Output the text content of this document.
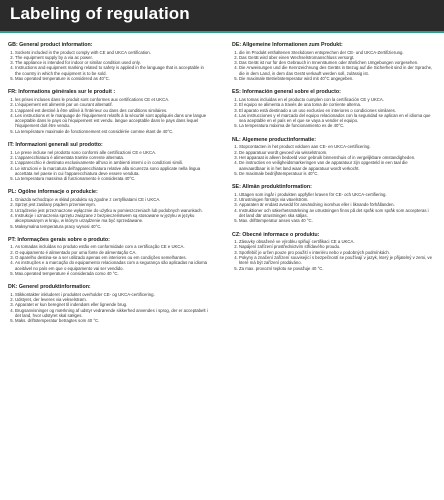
Labeling of regulation
GB: General product information:
1. Sockets included in the product comply with CE and UKCA certification.
2. The equipment supply by a via ac power.
3. The appliance is intended for indoor or similar condition used only.
4. Instructions and equipment marking related to safety is applied in the language that is acceptable in the country in which the equipment is to be sold.
5. Max operated temperature is considered as 40°C.
FR: Informations générales sur le produit :
1. les prises incluses dans le produit sont conformes aux certifications CE et UKCA.
2. L'équipement est alimenté par un courant alternatif.
3. L'appareil est destiné à être utilisé à l'intérieur ou dans des conditions similaires.
4. Les instructions et le marquage de l'équipement relatifs à la sécurité sont appliqués dans une langue acceptable dans le pays où l'équipement est vendu. langue acceptable dans le pays dans lequel l'équipement doit être vendu.
5. La température maximale de fonctionnement est considérée comme étant de 40°C.
IT: Informazioni generali sul prodotto:
1. Le prese incluse nel prodotto sono conformi alle certificazioni CE e UKCA.
2. L'apparecchiatura è alimentata tramite corrente alternata.
3. L'apparecchio è destinato esclusivamente all'uso in ambienti interni o in condizioni simili.
4. Le istruzioni e la marcatura dell'apparecchiatura relative alla sicurezza sono applicate nella lingua accettata nel paese in cui l'apparecchiatura deve essere venduta.
5. La temperatura massima di funzionamento è considerata 40°C.
PL: Ogólne informacje o produkcie:
1. Gniazda wchodzące w skład produktu są zgodne z certyfikatami CE i UKCA.
2. Sprzęt jest zasilany prądem przemiennym.
3. Urządzenie jest przeznaczone wyłącznie do użytku w pomieszczeniach lub podobnych warunkach.
4. Instrukcje i oznaczenia sprzętu związane z bezpieczeństwem są stosowane w języku w języku akceptowanym w kraju, w którym urządzenie ma być sprzedawane.
5. Maksymalna temperatura pracy wynosi 40°C.
PT: Informações gerais sobre o produto:
1. As tomadas incluídas no produto estão em conformidade com a certificação CE e UKCA.
2. O equipamento é alimentado por uma fonte de alimentação CA.
3. O aparelho destina-se a ser utilizado apenas em interiores ou em condições semelhantes.
4. As instruções e a marcação do equipamento relacionadas com a segurança são aplicadas na idioma aceitável no país em que o equipamento vai ser vendido.
5. Max.operated temperature é considerada como 40 °C.
DK: Generel produktinformation:
1. Stikkontakter inkluderet i produktet overholder CE- og UKCA-certificering.
2. Udstyret, der leveres via vekselstrøm.
3. Apparatet er kun beregnet til indendørs eller lignende brug.
4. Brugsanvisninger og mærkning af udstyr vedrørende sikkerhed anvendes i sprog, der er acceptabelt i det land, hvor udstyret skal sælges.
5. Maks. driftstemperatur betragtes som 40 °C.
DE: Allgemeine Informationen zum Produkt:
1. die im Produkt enthaltenen Steckdosen entsprechen der CE- und UKCA-Zertifizierung.
2. Das Gerät wird über einen Wechselstromanschluss versorgt.
3. Das Gerät ist nur für den Gebrauch in Innenräumen oder ähnlichen Umgebungen vorgesehen.
4. Die Anweisungen und die Kennzeichnung des Geräts in Bezug auf die Sicherheit sind in der Sprache, die in dem Land, in dem das Gerät verkauft werden soll, zulässig ist.
5. Die maximale Betriebstemperatur wird mit 40°C angegeben.
ES: Información general sobre el producto:
1. Las tomas incluidas en el producto cumplen con la certificación CE y UKCA.
2. El equipo se alimenta a través de una toma de corriente alterna.
3. El aparato está destinado a un uso exclusivo en interiores o condiciones similares.
4. Las instrucciones y el marcado del equipo relacionados con la seguridad se aplican en el idioma que sea aceptable en el país en el que se vaya a vender el equipo.
5. La temperatura máxima de funcionamiento es de 40°C.
NL: Algemene productinformatie:
1. Stopcontacten in het product voldoen aan CE- en UKCA-certificering.
2. De apparatuur wordt gevoed via wisselstroom.
3. Het apparaat is alleen bedoeld voor gebruik binnenshuis of in vergelijkbare omstandigheden.
4. De instructies en veiligheidsmarkeringen van de apparatuur zijn opgesteld in een taal die aanvaardbaar is in het land waar de apparatuur wordt verkocht.
5. De maximale bedrijfstemperatuur is 40°C.
SE: Allmän produktinformation:
1. Uttagen som ingår i produkten uppfyller kraven för CE- och UKCA-certifiering.
2. Utrustningen försörjs via växelström.
3. Apparaten är endast avsedd för användning inomhus eller i liknande förhållanden.
4. Instruktioner och säkerhetsmärkning av utrustningen finns på det språk som språk som accepteras i det land där utrustningen ska säljas.
5. Max. drifttemperatur anses vara 40 °C.
CZ: Obecné informace o produktu:
1. Zásuvky obsažené ve výrobku splňují certifikaci CE a UKCA.
2. Napájení zařízení prostřednictvím střídavého proudu.
3. Spotřebič je určen pouze pro použití v interiéru nebo v podobných podmínkách.
4. Pokyny a značení zařízení související s bezpečností se používají v jazyk, který je přijatelný v zemi, ve které má být zařízení prodáváno.
5. Za max. provozní teplotu se považuje 40 °C.
